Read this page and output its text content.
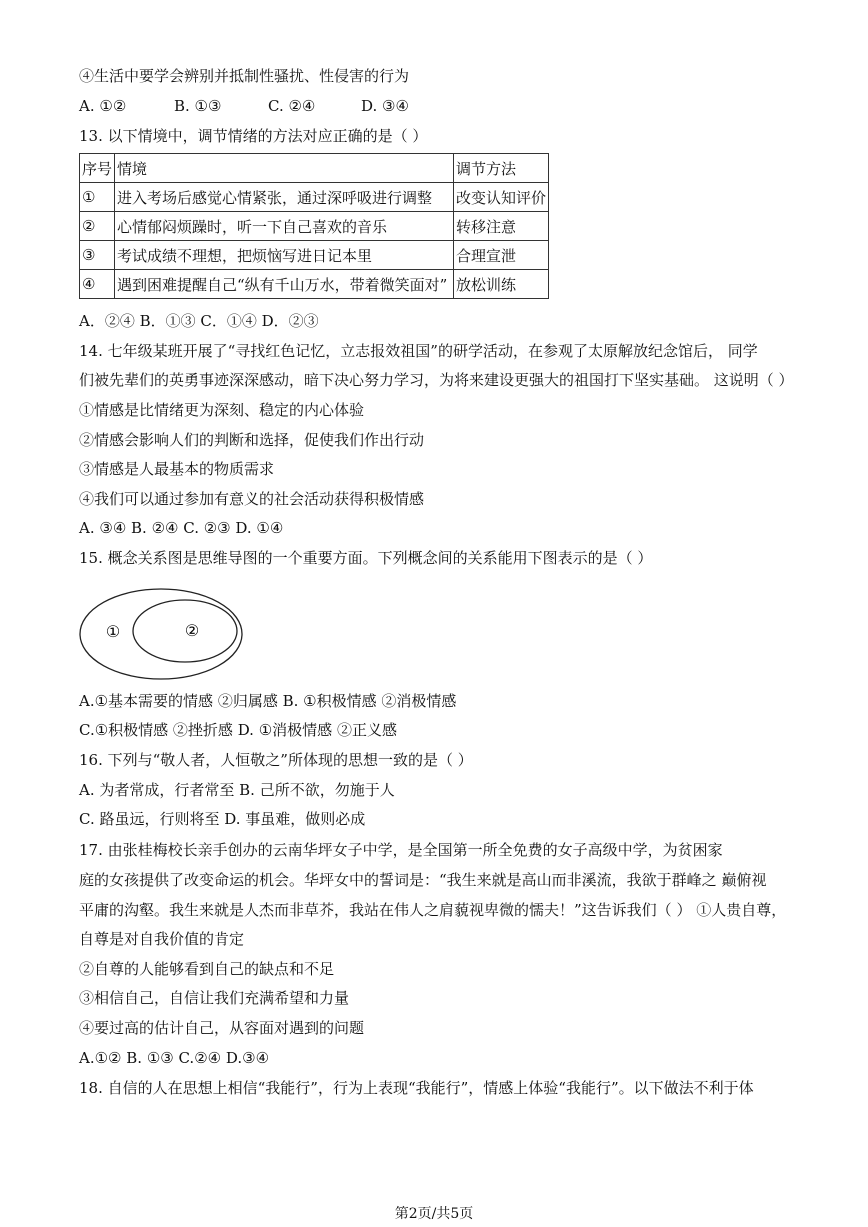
④生活中要学会辨别并抵制性骚扰、性侵害的行为
A. ①②	B. ①③	C. ②④	D. ③④
13. 以下情境中，调节情绪的方法对应正确的是（ ）
序号	情境	调节方法
①	进入考场后感觉心情紧张，通过深呼吸进行调整	改变认知评价
②	心情郁闷烦躁时，听一下自己喜欢的音乐	转移注意
③	考试成绩不理想，把烦恼写进日记本里	合理宣泄
④	遇到困难提醒自己“纵有千山万水，带着微笑面对”	放松训练
A．②④ B．①③ C．①④ D．②③
14. 七年级某班开展了“寻找红色记忆，立志报效祖国”的研学活动，在参观了太原解放纪念馆后， 同学
们被先辈们的英勇事迹深深感动，暗下决心努力学习，为将来建设更强大的祖国打下坚实基础。 这说明（ ）
①情感是比情绪更为深刻、稳定的内心体验
②情感会影响人们的判断和选择，促使我们作出行动
③情感是人最基本的物质需求
④我们可以通过参加有意义的社会活动获得积极情感
A. ③④ B. ②④ C. ②③ D. ①④
15. 概念关系图是思维导图的一个重要方面。下列概念间的关系能用下图表示的是（ ）
①	②
A.①基本需要的情感 ②归属感 B. ①积极情感 ②消极情感
C.①积极情感 ②挫折感 D. ①消极情感 ②正义感
16. 下列与“敬人者，人恒敬之”所体现的思想一致的是（ ）
A. 为者常成，行者常至 B. 己所不欲，勿施于人
C. 路虽远，行则将至 D. 事虽难，做则必成
17. 由张桂梅校长亲手创办的云南华坪女子中学，是全国第一所全免费的女子高级中学，为贫困家
庭的女孩提供了改变命运的机会。华坪女中的誓词是：“我生来就是高山而非溪流，我欲于群峰之 巅俯视
平庸的沟壑。我生来就是人杰而非草芥，我站在伟人之肩藐视卑微的懦夫！”这告诉我们（ ） ①人贵自尊，
自尊是对自我价值的肯定
②自尊的人能够看到自己的缺点和不足
③相信自己，自信让我们充满希望和力量
④要过高的估计自己，从容面对遇到的问题
A.①② B. ①③ C.②④ D.③④
18. 自信的人在思想上相信“我能行”，行为上表现“我能行”，情感上体验“我能行”。以下做法不利于体
第2页/共5页
